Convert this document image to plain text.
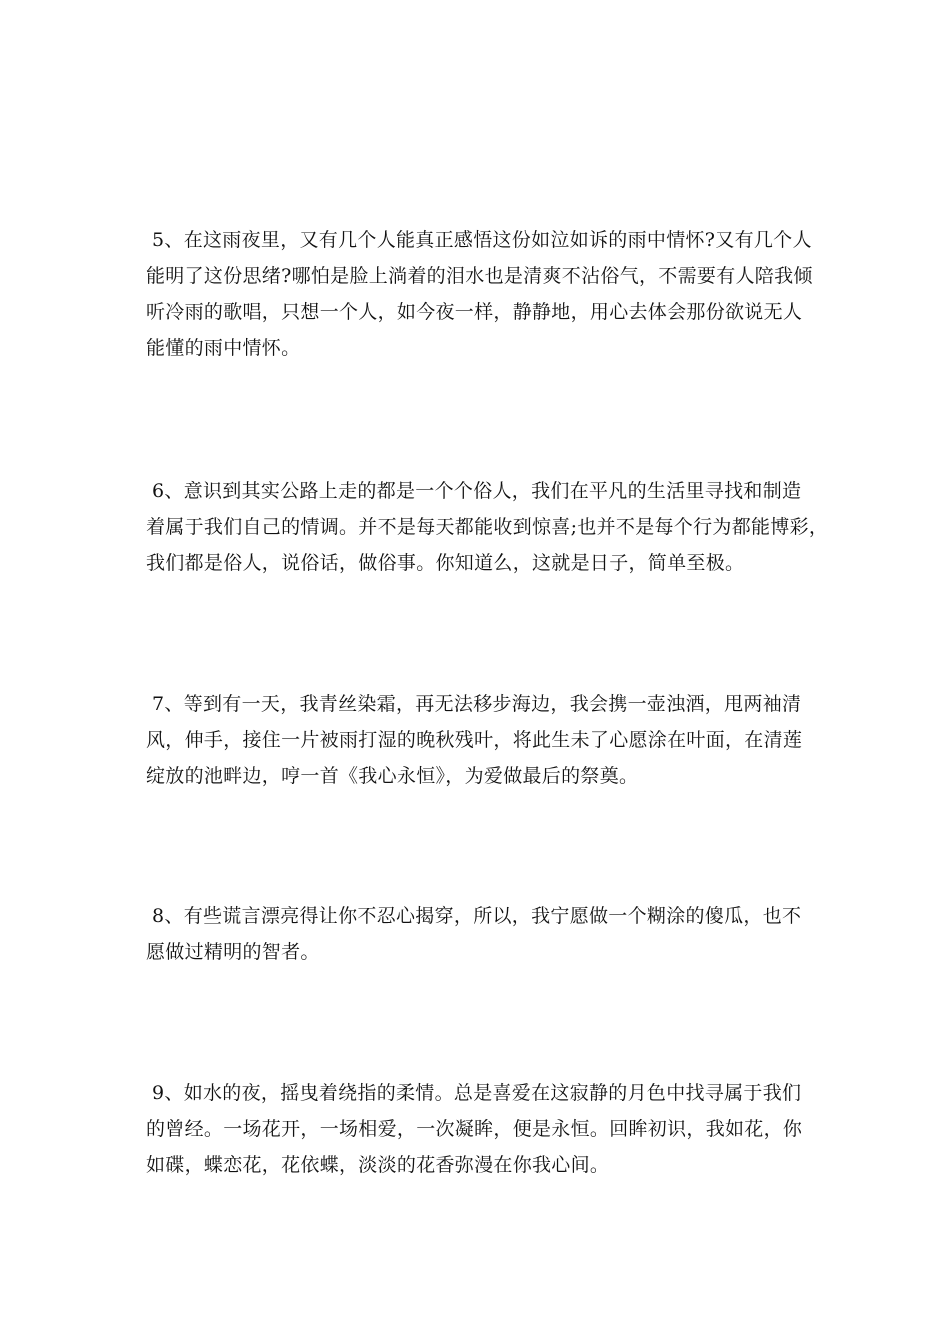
5、在这雨夜里，又有几个人能真正感悟这份如泣如诉的雨中情怀?又有几个人
能明了这份思绪?哪怕是脸上淌着的泪水也是清爽不沾俗气，不需要有人陪我倾
听冷雨的歌唱，只想一个人，如今夜一样，静静地，用心去体会那份欲说无人
能懂的雨中情怀。
6、意识到其实公路上走的都是一个个俗人，我们在平凡的生活里寻找和制造
着属于我们自己的情调。并不是每天都能收到惊喜;也并不是每个行为都能博彩，
我们都是俗人，说俗话，做俗事。你知道么，这就是日子，简单至极。
7、等到有一天，我青丝染霜，再无法移步海边，我会携一壶浊酒，甩两袖清
风，伸手，接住一片被雨打湿的晚秋残叶，将此生未了心愿涂在叶面，在清莲
绽放的池畔边，哼一首《我心永恒》，为爱做最后的祭奠。
8、有些谎言漂亮得让你不忍心揭穿，所以，我宁愿做一个糊涂的傻瓜，也不
愿做过精明的智者。
9、如水的夜，摇曳着绕指的柔情。总是喜爱在这寂静的月色中找寻属于我们
的曾经。一场花开，一场相爱，一次凝眸，便是永恒。回眸初识，我如花，你
如碟，蝶恋花，花依蝶，淡淡的花香弥漫在你我心间。
